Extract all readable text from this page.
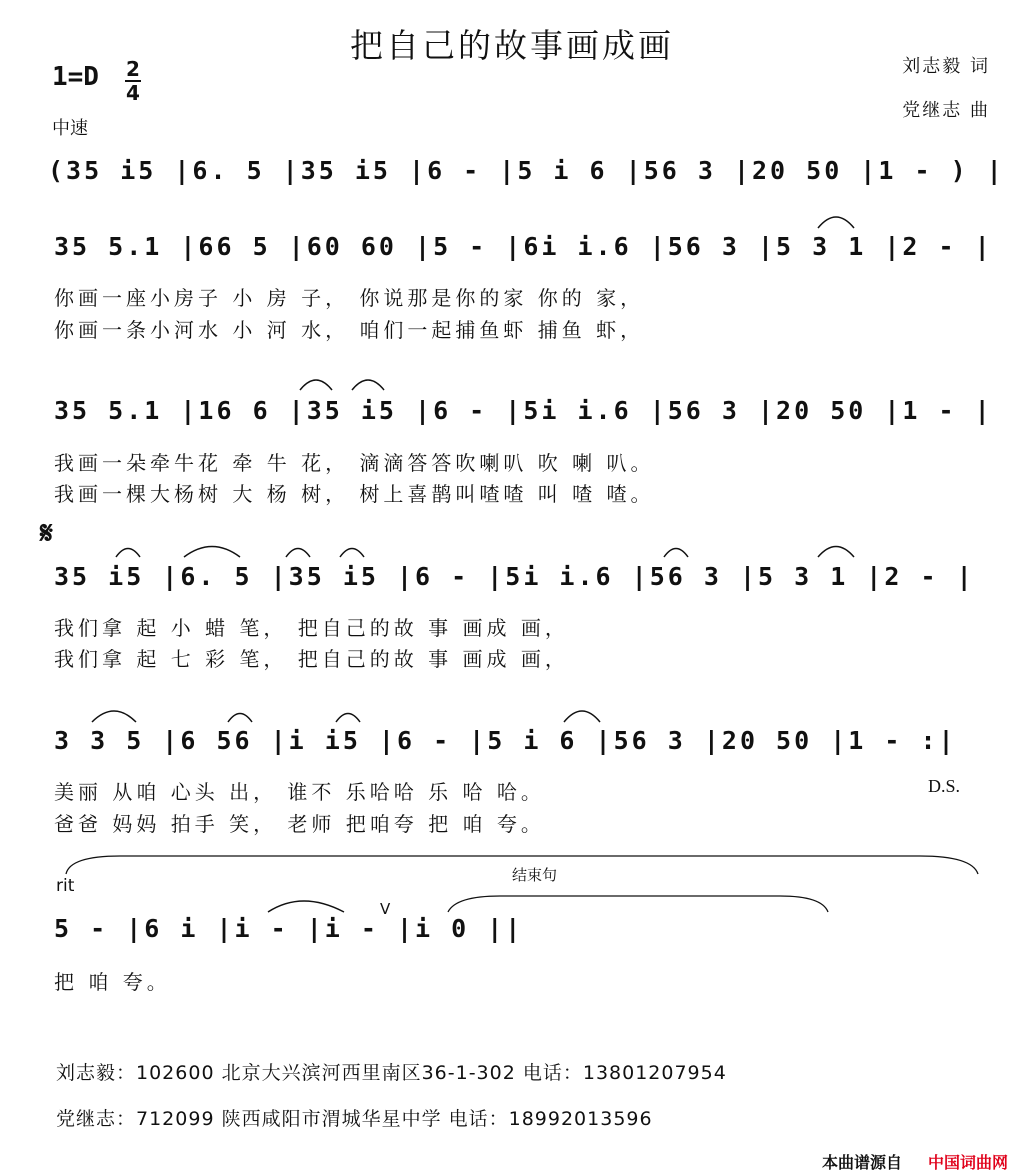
把自己的故事画成画
刘志毅 词
党继志 曲
1=D 2
4
中速
(35 i5 |6. 5 |35 i5 |6 - |5 i 6 |56 3 |20 50 |1 - ) |
35 5.1 |66 5 |60 60 |5 - |6i i.6 |56 3 |5 3 1 |2 - |
你画一座小房子 小 房 子， 你说那是你的家 你的 家，
你画一条小河水 小 河 水， 咱们一起捕鱼虾 捕鱼 虾，
35 5.1 |16 6 |35 i5 |6 - |5i i.6 |56 3 |20 50 |1 - |
我画一朵牵牛花 牵 牛 花， 滴滴答答吹喇叭 吹 喇 叭。
我画一棵大杨树 大 杨 树， 树上喜鹊叫喳喳 叫 喳 喳。
𝄋
35 i5 |6. 5 |35 i5 |6 - |5i i.6 |56 3 |5 3 1 |2 - |
我们拿 起 小 蜡 笔， 把自己的故 事 画成 画，
我们拿 起 七 彩 笔， 把自己的故 事 画成 画，
3 3 5 |6 56 |i i5 |6 - |5 i 6 |56 3 |20 50 |1 - :|
美丽 从咱 心头 出， 谁不 乐哈哈 乐 哈 哈。	D.S.
爸爸 妈妈 拍手 笑， 老师 把咱夸 把 咱 夸。
rit
结束句
V
5 - |6 i |i - |i - |i 0 ||
把 咱 夸。
刘志毅：102600 北京大兴滨河西里南区36-1-302 电话：13801207954
党继志：712099 陕西咸阳市渭城华星中学 电话：18992013596
本曲谱源自 中国词曲网
